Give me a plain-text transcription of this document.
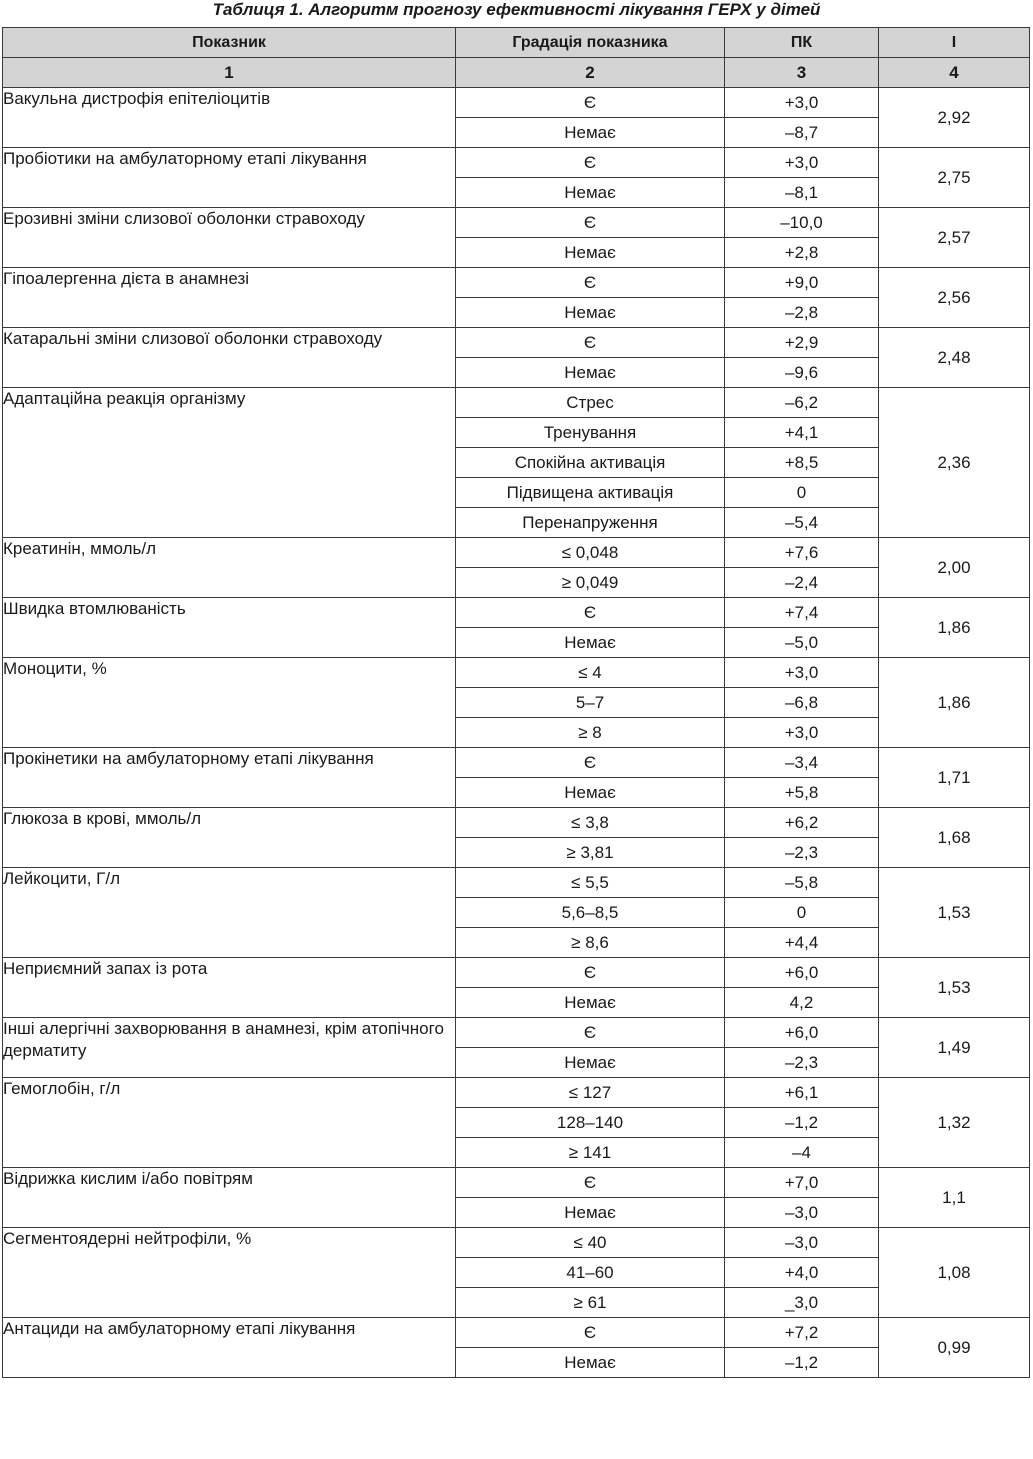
Таблиця 1. Алгоритм прогнозу ефективності лікування ГЕРХ у дітей
Показник	Градація показника	ПК	I
1	2	3	4
Вакульна дистрофія епітеліоцитів	Є	+3,0	2,92
	Немає	–8,7	
Пробіотики на амбулаторному етапі лікування	Є	+3,0	2,75
	Немає	–8,1	
Ерозивні зміни слизової оболонки стравоходу	Є	–10,0	2,57
	Немає	+2,8	
Гіпоалергенна дієта в анамнезі	Є	+9,0	2,56
	Немає	–2,8	
Катаральні зміни слизової оболонки стравоходу	Є	+2,9	2,48
	Немає	–9,6	
Адаптаційна реакція організму	Стрес	–6,2	2,36
	Тренування	+4,1	
	Спокійна активація	+8,5	
	Підвищена активація	0	
	Перенапруження	–5,4	
Креатинін, ммоль/л	≤ 0,048	+7,6	2,00
	≥ 0,049	–2,4	
Швидка втомлюваність	Є	+7,4	1,86
	Немає	–5,0	
Моноцити, %	≤ 4	+3,0	1,86
	5–7	–6,8	
	≥ 8	+3,0	
Прокінетики на амбулаторному етапі лікування	Є	–3,4	1,71
	Немає	+5,8	
Глюкоза в крові, ммоль/л	≤ 3,8	+6,2	1,68
	≥ 3,81	–2,3	
Лейкоцити, Г/л	≤ 5,5	–5,8	1,53
	5,6–8,5	0	
	≥ 8,6	+4,4	
Неприємний запах із рота	Є	+6,0	1,53
	Немає	4,2	
Інші алергічні захворювання в анамнезі, крім атопічного дерматиту	Є	+6,0	1,49
	Немає	–2,3	
Гемоглобін, г/л	≤ 127	+6,1	1,32
	128–140	–1,2	
	≥ 141	–4	
Відрижка кислим і/або повітрям	Є	+7,0	1,1
	Немає	–3,0	
Сегментоядерні нейтрофіли, %	≤ 40	–3,0	1,08
	41–60	+4,0	
	≥ 61	_3,0	
Антациди на амбулаторному етапі лікування	Є	+7,2	0,99
	Немає	–1,2	
